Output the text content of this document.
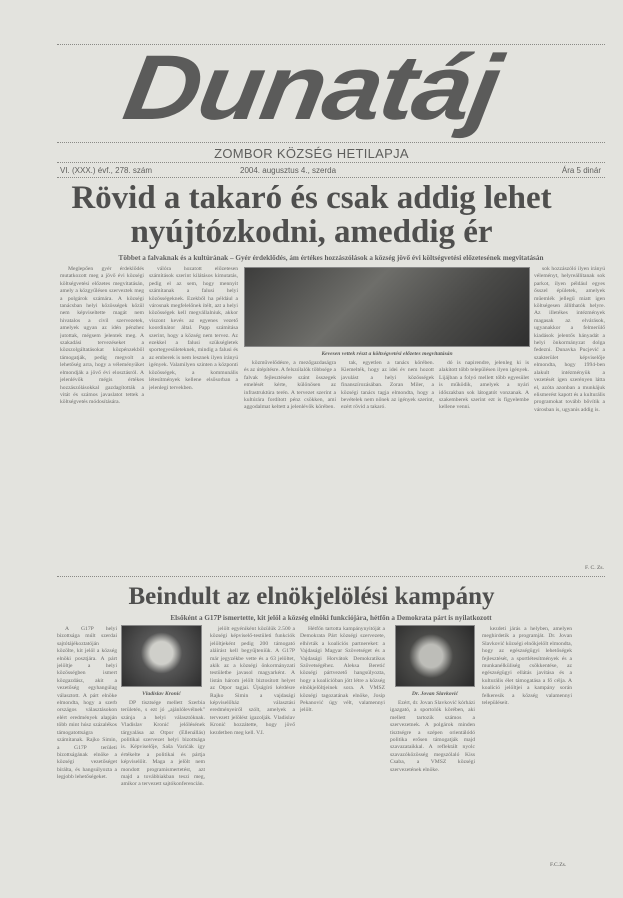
Dunatáj
ZOMBOR KÖZSÉG HETILAPJA
VI. (XXX.) évf., 278. szám	2004. augusztus 4., szerda	Ára 5 dinár
Rövid a takaró és csak addig lehet
nyújtózkodni, ameddig ér
Többet a falvaknak és a kultúrának – Gyér érdeklődés, ám értékes hozzászólások a község jövő évi költségvetési előzetesének megvitatásán

Meglepően gyér érdeklődés mutatkozott meg a jövő évi községi költségvetési előzetes megvitatásán, amely a közgyűlésen szerveztek meg a polgárok számára. A községi tanácsban helyi közösségek közül nem képviseltette magát nem hivatalos a civil szervezetek, amelyek ugyan az idén pénzhez jutottak, mégsem jelentek meg. A szakadási tervezéseket a közszolgáltatásokat közpénzekből támogatják, pedig megvolt a lehetőség arra, hogy a véleményüket elmondják a jövő évi elosztásról. A jelenlévők mégis értékes hozzászólásokkal gazdagították a vitát és számos javaslatot tettek a költségvetés módosítására.

válóra hozatott előzetesen számítások szerint kilátásos kimutatás, pedig el az sem, hogy mennyit számítanak a falusi helyi közösségeknek. Ezekből ha például a városnak megfelelőnek ítélt, azt a helyi közösségek kell megvállalniuk, akkor viszont kevés az egyenes vezető koordinátor által. Papp számítása szerint, hogy a község nem tervez. Az ezekkel a falusi szükségletek sportegyesületeknek, mindig a falusi és az emberek is nem lesznek ilyen irányú igények. Valamilyen szinten a központi közösségek, a kommunális létesítmények kellene elsősorban a jelenlegi tervekben.

Kevesen vettek részt a költségvetési előzetes megvitatásán

közművelődésre, a mezőgazdaságra és az útépítésre. A felszólalók többsége a falvak fejlesztésére szánt összegek emelését kérte, különösen az infrastruktúra terén. A tervezet szerint a kultúrára fordított pénz csökken, ami aggodalmat keltett a jelenlévők körében.

tak, egyetlen a tanács körében. Kiemelték, hogy az idei év nem hozott javulást a helyi közösségek finanszírozásában. Zoran Miler, a községi tanács tagja elmondta, hogy a bevételek nem nőnek az igények szerint, ezért rövid a takaró.

dó is napirendre, jelenleg ki is alakított több településen ilyen igények. Lijájban a folyó mellett több egyesület is működik, amelyek a nyári időszakban sok látogatót vonzanak. A szakemberek szerint ezt is figyelembe kellene venni.

sok hozzászóló ilyen irányú véleményt, helyreállítanak sok parkot, ilyen például egyes ősszel épületek, amelyek műemlék jellegű miatt igen költségesen állíthatók helyre. Az illetékes intézmények magasak az elvárások, ugyanakkor a felmerülő kiadások jelentős hányadát a helyi önkormányzat dolga fedezni. Dunavka Pucjević a szakterület képviselője elmondta, hogy 1994-ben alakult intézményük a vezetését igen szerényen látta el, azóta azonban a munkájuk elismerést kapott és a kulturális programokat tovább bővítik a városban is, ugyanis addig is.

F. C. Zs.
Beindult az elnökjelölési kampány
Elsőként a G17P ismertette, kit jelöl a község elnöki funkciójára, hétfőn a Demokrata párt is nyilatkozott

A G17P helyi bizottsága múlt szerdai sajtótájékoztatóján közölte, kit jelöl a község elnöki posztjára. A párt jelöltje a helyi közösségben ismert közgazdász, akit a vezetőség egyhangúlag választott. A párt elnöke elmondta, hogy a szerb országos választásokon elért eredmények alapján több mint húsz százalékos támogatottságra számítanak. Rajko Simin, a G17P területi bizottságának elnöke a községi vezetőséget bírálta, és hangsúlyozta a legjobb lehetőségeket.

Vladislav Kronić

DP tisztsége mellett Szerbia területén, s ezt jó „ajánlólevélnek" szánja a helyi választóknak. Vladislav Kronić jelölésének tárgyalása az Otpor (Ellenállás) politikai szervezet helyi bizottsága is. Képviselője, Saša Varićák így értékelte a politikai és pártja képviselőit. Maga a jelölt nem mondott programismertetést, azt majd a továbbiakban teszi meg, amikor a tervezett sajtókonferencián.

jelölt egyéniként közülük 2.500 a községi képviselő-testületi funkciók jelöltjeként pedig 200 támogató aláírást kell begyűjteniük. A G17P már jegyzékbe vette és a 63 jelöltet, akik az a községi önkormányzati testületbe javasol magyarként. A listán három jelölt biztosított helyet az Otpor tagjai. Újságíró kérdésre Rajko Simin a vajdasági képviselőház választási eredményeiről szólt, amelyek a tervezett jelölést igazolják. Vladislav Kronić hozzátette, hogy jövő kezdetben meg kell. V.I.

Hétfőn tartotta kampánynyitóját a Demokrata Párt községi szervezete, elhívták a koalíciós partnereket: a Vajdasági Magyar Szövetséget és a Vajdasági Horvátok Demokratikus Szövetségéhez. Aleksa Beretić községi pártvezető hangsúlyozta, hogy a koalícióban jött létre a község elnökjelöltjeinek sora. A VMSZ községi tagozatának elnöke, Josip Pekanović úgy vélt, valamennyi jelölt.

Dr. Jovan Slavković

Ezért, dr. Jovan Slavković kórházi igazgató, a sportolók körében, aki mellett tartozik számos a szervezetnek. A polgárok minden tisztségre a szépen orientálódó politika erősen támogatják majd szavazataikkal. A reflektált nyolc szavazóközösség megszólaló Kiss Csaba, a VMSZ községi szervezetének elnöke.

kezdeti járás a helyben, amelyen meghirdetik a programját. Dr. Jovan Slavković községi elnökjelölt elmondta, hogy az egészségügyi lehetőségek fejlesztését, a sportlétesítmények és a munkanélküliség csökkentése, az egészségügyi ellátás javítása és a kulturális élet támogatása a fő célja. A koalíció jelöltjei a kampány során felkeresik a község valamennyi településeit.

F.C.Zs.
